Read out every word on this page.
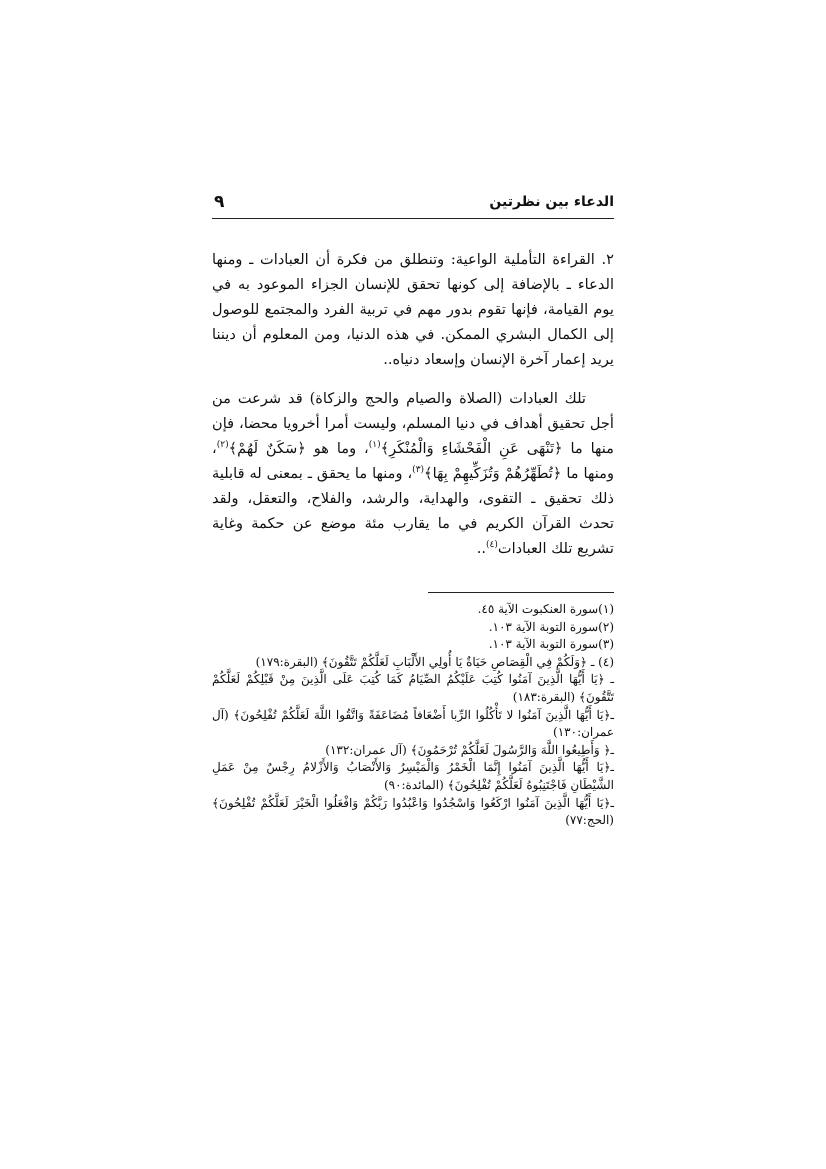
الدعاء بين نظرتين
٩

٢. القراءة التأملية الواعية: وتنطلق من فكرة أن العبادات ـ ومنها الدعاء ـ بالإضافة إلى كونها تحقق للإنسان الجزاء الموعود به في يوم القيامة، فإنها تقوم بدور مهم في تربية الفرد والمجتمع للوصول إلى الكمال البشري الممكن. في هذه الدنيا، ومن المعلوم أن ديننا يريد إعمار آخرة الإنسان وإسعاد دنياه..

تلك العبادات (الصلاة والصيام والحج والزكاة) قد شرعت من أجل تحقيق أهداف في دنيا المسلم، وليست أمرا أخرويا محضا، فإن منها ما ﴿تَنْهَى عَنِ الْفَحْشَاءِ وَالْمُنْكَرِ﴾$^{(١)}$، وما هو ﴿سَكَنٌ لَهُمْ﴾$^{(٢)}$، ومنها ما ﴿تُطَهِّرُهُمْ وَتُزَكِّيهِمْ بِهَا﴾$^{(٣)}$، ومنها ما يحقق ـ بمعنى له قابلية ذلك تحقيق ـ التقوى، والهداية، والرشد، والفلاح، والتعقل، ولقد تحدث القرآن الكريم في ما يقارب مئة موضع عن حكمة وغاية تشريع تلك العبادات$^{(٤)}$..

(١)سورة العنكبوت الآية ٤٥.
(٢)سورة التوبة الآية ١٠٣.
(٣)سورة التوبة الآية ١٠٣.
(٤) ـ ﴿وَلَكُمْ فِي الْقِصَاصِ حَيَاةٌ يَا أُولِي الأَلْبَابِ لَعَلَّكُمْ تَتَّقُونَ﴾ (البقرة:١٧٩)
ـ ﴿يَا أَيُّهَا الَّذِينَ آمَنُوا كُتِبَ عَلَيْكُمُ الصِّيَامُ كَمَا كُتِبَ عَلَى الَّذِينَ مِنْ قَبْلِكُمْ لَعَلَّكُمْ تَتَّقُونَ﴾ (البقرة:١٨٣)
ـ﴿يَا أَيُّهَا الَّذِينَ آمَنُوا لا تَأْكُلُوا الرِّبا أَضْعَافاً مُضَاعَفَةً وَاتَّقُوا اللَّهَ لَعَلَّكُمْ تُفْلِحُونَ﴾ (آل عمران:١٣٠)
ـ﴿ وَأَطِيعُوا اللَّهَ وَالرَّسُولَ لَعَلَّكُمْ تُرْحَمُونَ﴾ (آل عمران:١٣٢)
ـ﴿يَا أَيُّهَا الَّذِينَ آمَنُوا إِنَّمَا الْخَمْرُ وَالْمَيْسِرُ وَالأَنْصَابُ وَالأَزْلامُ رِجْسٌ مِنْ عَمَلِ الشَّيْطَانِ فَاجْتَنِبُوهُ لَعَلَّكُمْ تُفْلِحُونَ﴾ (المائدة:٩٠)
ـ﴿يَا أَيُّهَا الَّذِينَ آمَنُوا ارْكَعُوا وَاسْجُدُوا وَاعْبُدُوا رَبَّكُمْ وَافْعَلُوا الْخَيْرَ لَعَلَّكُمْ تُفْلِحُونَ﴾ (الحج:٧٧)
